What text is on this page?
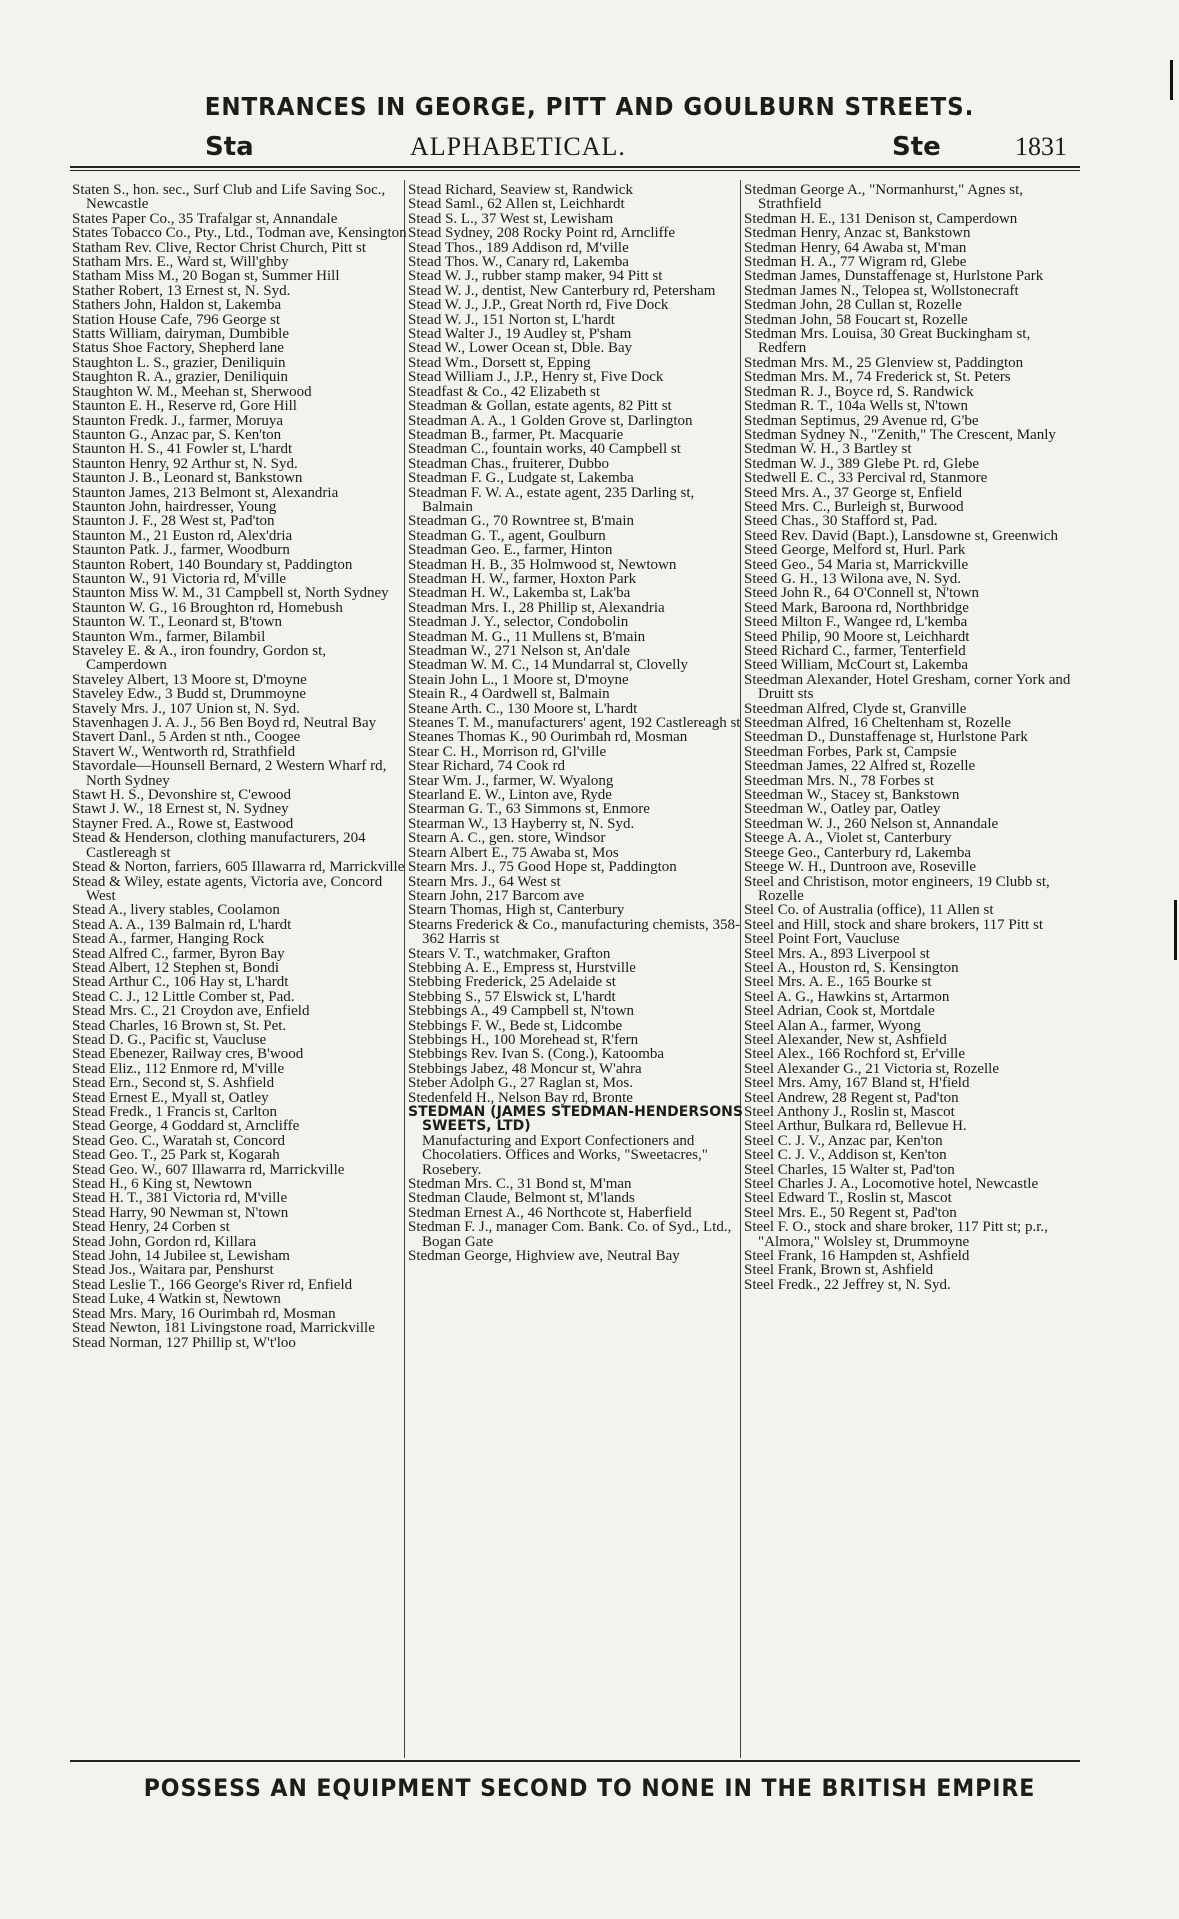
ENTRANCES IN GEORGE, PITT AND GOULBURN STREETS.
Sta	ALPHABETICAL.	Ste	1831
Staten S., hon. sec., Surf Club and Life Saving Soc., Newcastle
States Paper Co., 35 Trafalgar st, Annandale
States Tobacco Co., Pty., Ltd., Todman ave, Kensington
Statham Rev. Clive, Rector Christ Church, Pitt st
Statham Mrs. E., Ward st, Will'ghby
Statham Miss M., 20 Bogan st, Summer Hill
Stather Robert, 13 Ernest st, N. Syd.
Stathers John, Haldon st, Lakemba
Station House Cafe, 796 George st
Statts William, dairyman, Dumbible
Status Shoe Factory, Shepherd lane
Staughton L. S., grazier, Deniliquin
Staughton R. A., grazier, Deniliquin
Staughton W. M., Meehan st, Sherwood
Staunton E. H., Reserve rd, Gore Hill
Staunton Fredk. J., farmer, Moruya
Staunton G., Anzac par, S. Ken'ton
Staunton H. S., 41 Fowler st, L'hardt
Staunton Henry, 92 Arthur st, N. Syd.
Staunton J. B., Leonard st, Bankstown
Staunton James, 213 Belmont st, Alexandria
Staunton John, hairdresser, Young
Staunton J. F., 28 West st, Pad'ton
Staunton M., 21 Euston rd, Alex'dria
Staunton Patk. J., farmer, Woodburn
Staunton Robert, 140 Boundary st, Paddington
Staunton W., 91 Victoria rd, M'ville
Staunton Miss W. M., 31 Campbell st, North Sydney
Staunton W. G., 16 Broughton rd, Homebush
Staunton W. T., Leonard st, B'town
Staunton Wm., farmer, Bilambil
Staveley E. & A., iron foundry, Gordon st, Camperdown
Staveley Albert, 13 Moore st, D'moyne
Staveley Edw., 3 Budd st, Drummoyne
Stavely Mrs. J., 107 Union st, N. Syd.
Stavenhagen J. A. J., 56 Ben Boyd rd, Neutral Bay
Stavert Danl., 5 Arden st nth., Coogee
Stavert W., Wentworth rd, Strathfield
Stavordale—Hounsell Bernard, 2 Western Wharf rd, North Sydney
Stawt H. S., Devonshire st, C'ewood
Stawt J. W., 18 Ernest st, N. Sydney
Stayner Fred. A., Rowe st, Eastwood
Stead & Henderson, clothing manufacturers, 204 Castlereagh st
Stead & Norton, farriers, 605 Illawarra rd, Marrickville
Stead & Wiley, estate agents, Victoria ave, Concord West
Stead A., livery stables, Coolamon
Stead A. A., 139 Balmain rd, L'hardt
Stead A., farmer, Hanging Rock
Stead Alfred C., farmer, Byron Bay
Stead Albert, 12 Stephen st, Bondi
Stead Arthur C., 106 Hay st, L'hardt
Stead C. J., 12 Little Comber st, Pad.
Stead Mrs. C., 21 Croydon ave, Enfield
Stead Charles, 16 Brown st, St. Pet.
Stead D. G., Pacific st, Vaucluse
Stead Ebenezer, Railway cres, B'wood
Stead Eliz., 112 Enmore rd, M'ville
Stead Ern., Second st, S. Ashfield
Stead Ernest E., Myall st, Oatley
Stead Fredk., 1 Francis st, Carlton
Stead George, 4 Goddard st, Arncliffe
Stead Geo. C., Waratah st, Concord
Stead Geo. T., 25 Park st, Kogarah
Stead Geo. W., 607 Illawarra rd, Marrickville
Stead H., 6 King st, Newtown
Stead H. T., 381 Victoria rd, M'ville
Stead Harry, 90 Newman st, N'town
Stead Henry, 24 Corben st
Stead John, Gordon rd, Killara
Stead John, 14 Jubilee st, Lewisham
Stead Jos., Waitara par, Penshurst
Stead Leslie T., 166 George's River rd, Enfield
Stead Luke, 4 Watkin st, Newtown
Stead Mrs. Mary, 16 Ourimbah rd, Mosman
Stead Newton, 181 Livingstone road, Marrickville
Stead Norman, 127 Phillip st, W't'loo
Stead Richard, Seaview st, Randwick
Stead Saml., 62 Allen st, Leichhardt
Stead S. L., 37 West st, Lewisham
Stead Sydney, 208 Rocky Point rd, Arncliffe
Stead Thos., 189 Addison rd, M'ville
Stead Thos. W., Canary rd, Lakemba
Stead W. J., rubber stamp maker, 94 Pitt st
Stead W. J., dentist, New Canterbury rd, Petersham
Stead W. J., J.P., Great North rd, Five Dock
Stead W. J., 151 Norton st, L'hardt
Stead Walter J., 19 Audley st, P'sham
Stead W., Lower Ocean st, Dble. Bay
Stead Wm., Dorsett st, Epping
Stead William J., J.P., Henry st, Five Dock
Steadfast & Co., 42 Elizabeth st
Steadman & Gollan, estate agents, 82 Pitt st
Steadman A. A., 1 Golden Grove st, Darlington
Steadman B., farmer, Pt. Macquarie
Steadman C., fountain works, 40 Campbell st
Steadman Chas., fruiterer, Dubbo
Steadman F. G., Ludgate st, Lakemba
Steadman F. W. A., estate agent, 235 Darling st, Balmain
Steadman G., 70 Rowntree st, B'main
Steadman G. T., agent, Goulburn
Steadman Geo. E., farmer, Hinton
Steadman H. B., 35 Holmwood st, Newtown
Steadman H. W., farmer, Hoxton Park
Steadman H. W., Lakemba st, Lak'ba
Steadman Mrs. I., 28 Phillip st, Alexandria
Steadman J. Y., selector, Condobolin
Steadman M. G., 11 Mullens st, B'main
Steadman W., 271 Nelson st, An'dale
Steadman W. M. C., 14 Mundarral st, Clovelly
Steain John L., 1 Moore st, D'moyne
Steain R., 4 Oardwell st, Balmain
Steane Arth. C., 130 Moore st, L'hardt
Steanes T. M., manufacturers' agent, 192 Castlereagh st
Steanes Thomas K., 90 Ourimbah rd, Mosman
Stear C. H., Morrison rd, Gl'ville
Stear Richard, 74 Cook rd
Stear Wm. J., farmer, W. Wyalong
Stearland E. W., Linton ave, Ryde
Stearman G. T., 63 Simmons st, Enmore
Stearman W., 13 Hayberry st, N. Syd.
Stearn A. C., gen. store, Windsor
Stearn Albert E., 75 Awaba st, Mos
Stearn Mrs. J., 75 Good Hope st, Paddington
Stearn Mrs. J., 64 West st
Stearn John, 217 Barcom ave
Stearn Thomas, High st, Canterbury
Stearns Frederick & Co., manufacturing chemists, 358-362 Harris st
Stears V. T., watchmaker, Grafton
Stebbing A. E., Empress st, Hurstville
Stebbing Frederick, 25 Adelaide st
Stebbing S., 57 Elswick st, L'hardt
Stebbings A., 49 Campbell st, N'town
Stebbings F. W., Bede st, Lidcombe
Stebbings H., 100 Morehead st, R'fern
Stebbings Rev. Ivan S. (Cong.), Katoomba
Stebbings Jabez, 48 Moncur st, W'ahra
Steber Adolph G., 27 Raglan st, Mos.
Stedenfeld H., Nelson Bay rd, Bronte
STEDMAN (JAMES STEDMAN-HENDERSONS SWEETS, LTD)
Manufacturing and Export Confectioners and Chocolatiers. Offices and Works, "Sweetacres," Rosebery.
Stedman Mrs. C., 31 Bond st, M'man
Stedman Claude, Belmont st, M'lands
Stedman Ernest A., 46 Northcote st, Haberfield
Stedman F. J., manager Com. Bank. Co. of Syd., Ltd., Bogan Gate
Stedman George, Highview ave, Neutral Bay
Stedman George A., "Normanhurst," Agnes st, Strathfield
Stedman H. E., 131 Denison st, Camperdown
Stedman Henry, Anzac st, Bankstown
Stedman Henry, 64 Awaba st, M'man
Stedman H. A., 77 Wigram rd, Glebe
Stedman James, Dunstaffenage st, Hurlstone Park
Stedman James N., Telopea st, Wollstonecraft
Stedman John, 28 Cullan st, Rozelle
Stedman John, 58 Foucart st, Rozelle
Stedman Mrs. Louisa, 30 Great Buckingham st, Redfern
Stedman Mrs. M., 25 Glenview st, Paddington
Stedman Mrs. M., 74 Frederick st, St. Peters
Stedman R. J., Boyce rd, S. Randwick
Stedman R. T., 104a Wells st, N'town
Stedman Septimus, 29 Avenue rd, G'be
Stedman Sydney N., "Zenith," The Crescent, Manly
Stedman W. H., 3 Bartley st
Stedman W. J., 389 Glebe Pt. rd, Glebe
Stedwell E. C., 33 Percival rd, Stanmore
Steed Mrs. A., 37 George st, Enfield
Steed Mrs. C., Burleigh st, Burwood
Steed Chas., 30 Stafford st, Pad.
Steed Rev. David (Bapt.), Lansdowne st, Greenwich
Steed George, Melford st, Hurl. Park
Steed Geo., 54 Maria st, Marrickville
Steed G. H., 13 Wilona ave, N. Syd.
Steed John R., 64 O'Connell st, N'town
Steed Mark, Baroona rd, Northbridge
Steed Milton F., Wangee rd, L'kemba
Steed Philip, 90 Moore st, Leichhardt
Steed Richard C., farmer, Tenterfield
Steed William, McCourt st, Lakemba
Steedman Alexander, Hotel Gresham, corner York and Druitt sts
Steedman Alfred, Clyde st, Granville
Steedman Alfred, 16 Cheltenham st, Rozelle
Steedman D., Dunstaffenage st, Hurlstone Park
Steedman Forbes, Park st, Campsie
Steedman James, 22 Alfred st, Rozelle
Steedman Mrs. N., 78 Forbes st
Steedman W., Stacey st, Bankstown
Steedman W., Oatley par, Oatley
Steedman W. J., 260 Nelson st, Annandale
Steege A. A., Violet st, Canterbury
Steege Geo., Canterbury rd, Lakemba
Steege W. H., Duntroon ave, Roseville
Steel and Christison, motor engineers, 19 Clubb st, Rozelle
Steel Co. of Australia (office), 11 Allen st
Steel and Hill, stock and share brokers, 117 Pitt st
Steel Point Fort, Vaucluse
Steel Mrs. A., 893 Liverpool st
Steel A., Houston rd, S. Kensington
Steel Mrs. A. E., 165 Bourke st
Steel A. G., Hawkins st, Artarmon
Steel Adrian, Cook st, Mortdale
Steel Alan A., farmer, Wyong
Steel Alexander, New st, Ashfield
Steel Alex., 166 Rochford st, Er'ville
Steel Alexander G., 21 Victoria st, Rozelle
Steel Mrs. Amy, 167 Bland st, H'field
Steel Andrew, 28 Regent st, Pad'ton
Steel Anthony J., Roslin st, Mascot
Steel Arthur, Bulkara rd, Bellevue H.
Steel C. J. V., Anzac par, Ken'ton
Steel C. J. V., Addison st, Ken'ton
Steel Charles, 15 Walter st, Pad'ton
Steel Charles J. A., Locomotive hotel, Newcastle
Steel Edward T., Roslin st, Mascot
Steel Mrs. E., 50 Regent st, Pad'ton
Steel F. O., stock and share broker, 117 Pitt st; p.r., "Almora," Wolsley st, Drummoyne
Steel Frank, 16 Hampden st, Ashfield
Steel Frank, Brown st, Ashfield
Steel Fredk., 22 Jeffrey st, N. Syd.
POSSESS AN EQUIPMENT SECOND TO NONE IN THE BRITISH EMPIRE
